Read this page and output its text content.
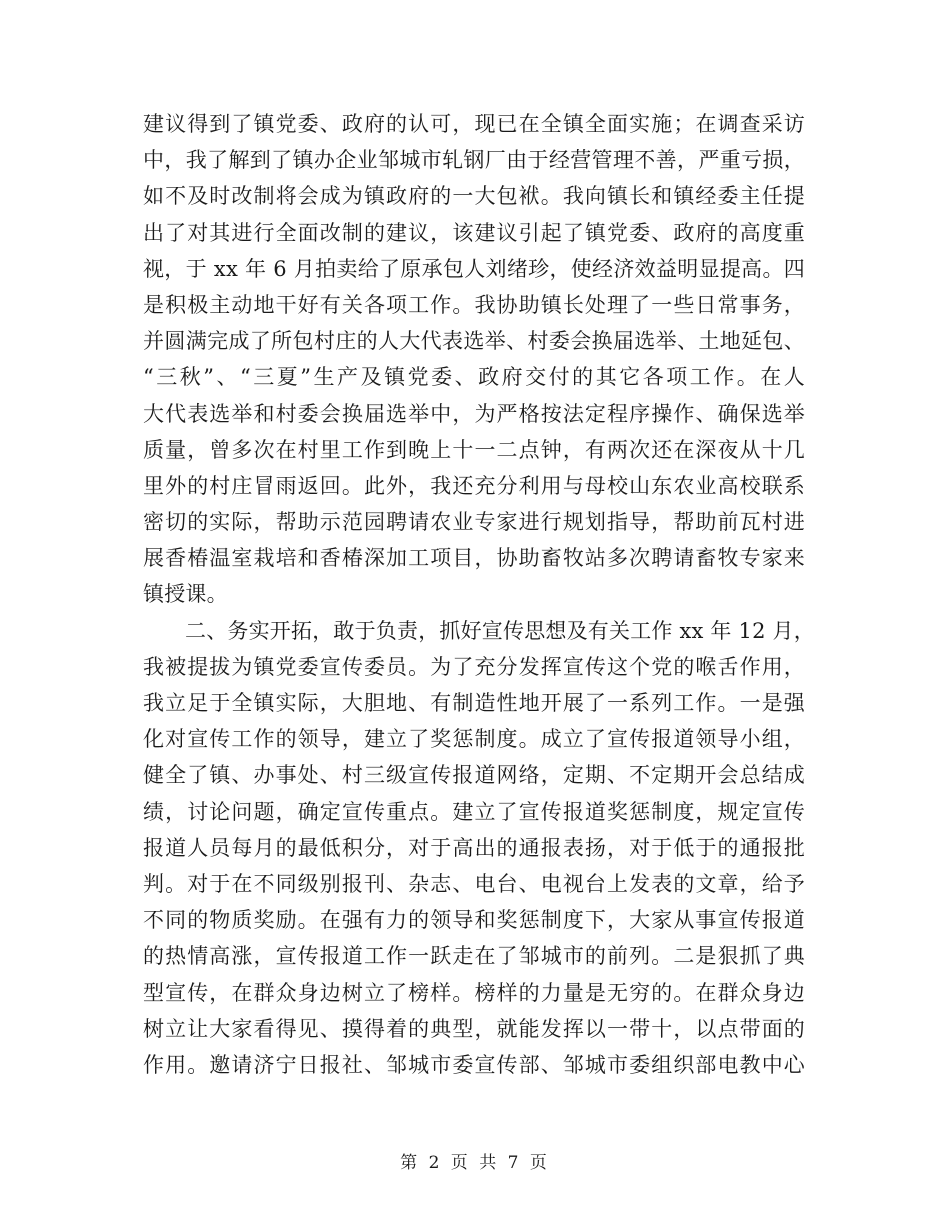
建议得到了镇党委、政府的认可，现已在全镇全面实施；在调查采访
中，我了解到了镇办企业邹城市轧钢厂由于经营管理不善，严重亏损，
如不及时改制将会成为镇政府的一大包袱。我向镇长和镇经委主任提
出了对其进行全面改制的建议，该建议引起了镇党委、政府的高度重
视，于 xx 年 6 月拍卖给了原承包人刘绪珍，使经济效益明显提高。四
是积极主动地干好有关各项工作。我协助镇长处理了一些日常事务，
并圆满完成了所包村庄的人大代表选举、村委会换届选举、土地延包、
“三秋”、“三夏”生产及镇党委、政府交付的其它各项工作。在人
大代表选举和村委会换届选举中，为严格按法定程序操作、确保选举
质量，曾多次在村里工作到晚上十一二点钟，有两次还在深夜从十几
里外的村庄冒雨返回。此外，我还充分利用与母校山东农业高校联系
密切的实际，帮助示范园聘请农业专家进行规划指导，帮助前瓦村进
展香椿温室栽培和香椿深加工项目，协助畜牧站多次聘请畜牧专家来
镇授课。
二、务实开拓，敢于负责，抓好宣传思想及有关工作 xx 年 12 月，
我被提拔为镇党委宣传委员。为了充分发挥宣传这个党的喉舌作用，
我立足于全镇实际，大胆地、有制造性地开展了一系列工作。一是强
化对宣传工作的领导，建立了奖惩制度。成立了宣传报道领导小组，
健全了镇、办事处、村三级宣传报道网络，定期、不定期开会总结成
绩，讨论问题，确定宣传重点。建立了宣传报道奖惩制度，规定宣传
报道人员每月的最低积分，对于高出的通报表扬，对于低于的通报批
判。对于在不同级别报刊、杂志、电台、电视台上发表的文章，给予
不同的物质奖励。在强有力的领导和奖惩制度下，大家从事宣传报道
的热情高涨，宣传报道工作一跃走在了邹城市的前列。二是狠抓了典
型宣传，在群众身边树立了榜样。榜样的力量是无穷的。在群众身边
树立让大家看得见、摸得着的典型，就能发挥以一带十，以点带面的
作用。邀请济宁日报社、邹城市委宣传部、邹城市委组织部电教中心
第 2 页 共 7 页
